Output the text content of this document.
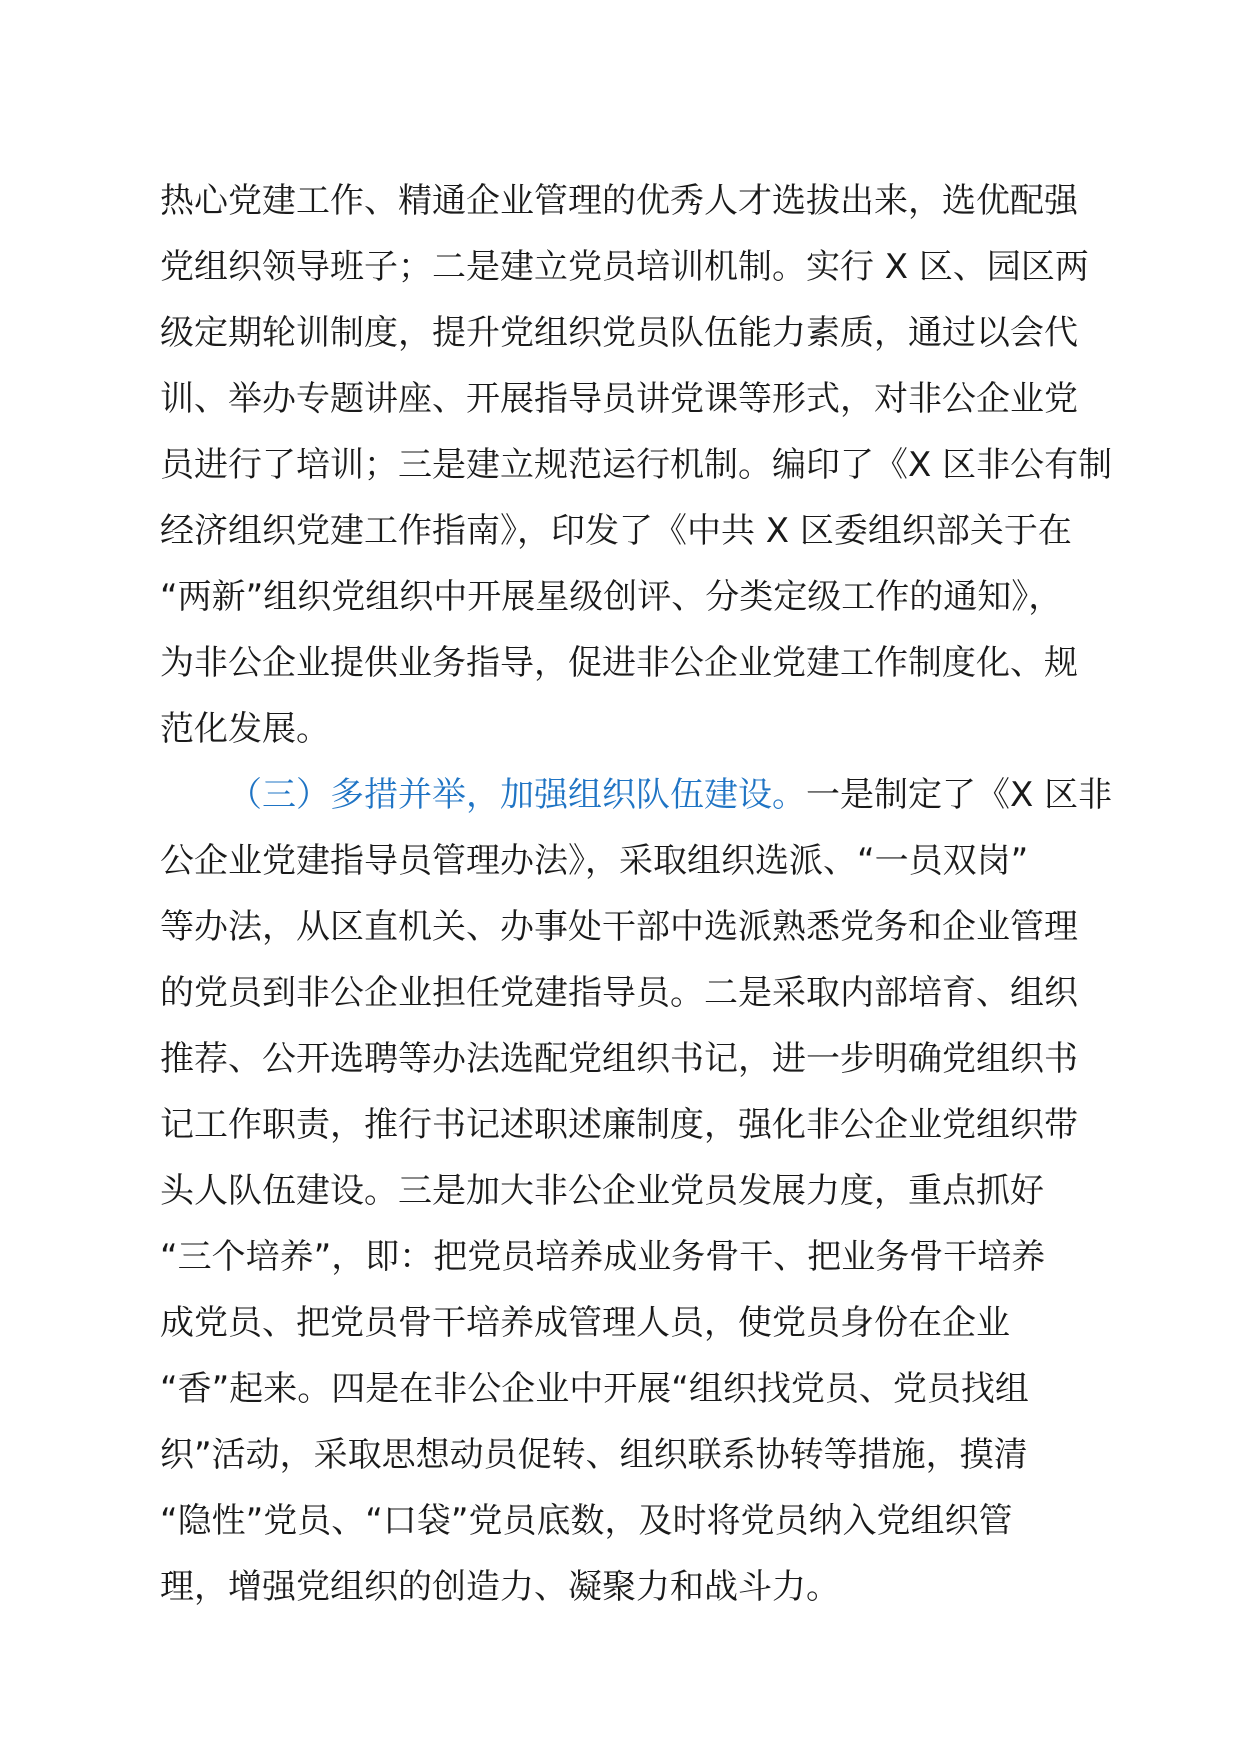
热心党建工作、精通企业管理的优秀人才选拔出来，选优配强
党组织领导班子；二是建立党员培训机制。实行 X 区、园区两
级定期轮训制度，提升党组织党员队伍能力素质，通过以会代
训、举办专题讲座、开展指导员讲党课等形式，对非公企业党
员进行了培训；三是建立规范运行机制。编印了《X 区非公有制
经济组织党建工作指南》，印发了《中共 X 区委组织部关于在
“两新”组织党组织中开展星级创评、分类定级工作的通知》，
为非公企业提供业务指导，促进非公企业党建工作制度化、规
范化发展。
（三）多措并举，加强组织队伍建设。一是制定了《X 区非
公企业党建指导员管理办法》，采取组织选派、“一员双岗”
等办法，从区直机关、办事处干部中选派熟悉党务和企业管理
的党员到非公企业担任党建指导员。二是采取内部培育、组织
推荐、公开选聘等办法选配党组织书记，进一步明确党组织书
记工作职责，推行书记述职述廉制度，强化非公企业党组织带
头人队伍建设。三是加大非公企业党员发展力度，重点抓好
“三个培养”，即：把党员培养成业务骨干、把业务骨干培养
成党员、把党员骨干培养成管理人员，使党员身份在企业
“香”起来。四是在非公企业中开展“组织找党员、党员找组
织”活动，采取思想动员促转、组织联系协转等措施，摸清
“隐性”党员、“口袋”党员底数，及时将党员纳入党组织管
理，增强党组织的创造力、凝聚力和战斗力。
